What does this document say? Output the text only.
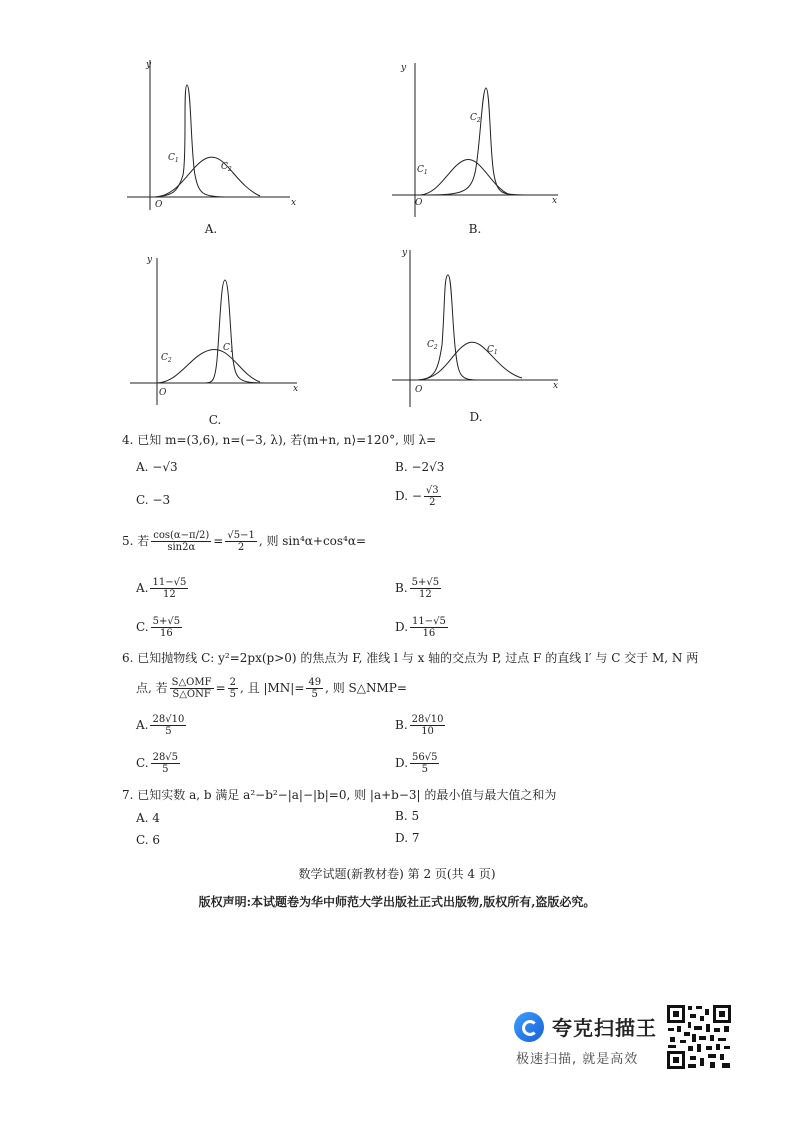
y
x
O
$C_1$
$C_2$
A.
y
x
O
$C_1$
$C_2$
B.
y
x
O
$C_2$
$C_1$
C.
y
x
O
$C_2$	$C_1$
D.
4. 已知 m=(3,6), n=(−3, λ), 若⟨m+n, n⟩=120°, 则 λ=
A. −√3	B. −2√3
C. −3	D. − $\frac{√3}{2}$
5. 若 $\frac{\cos(\alpha-\pi/2)}{\sin 2\alpha} = \frac{√5-1}{2}$ , 则 sin⁴α+cos⁴α=
A. $\frac{11-√5}{12}$	B. $\frac{5+√5}{12}$
C. $\frac{5+√5}{16}$	D. $\frac{11-√5}{16}$
6. 已知抛物线 C: y²=2px(p>0) 的焦点为 F, 准线 l 与 x 轴的交点为 P, 过点 F 的直线 l′ 与 C 交于 M, N 两
点, 若 $\frac{\text{S△OMF}}{\text{S△ONF}} = \frac{2}{5}$ , 且 $|MN|= \frac{49}{5}$ , 则 S△NMP=
A. $\frac{28√10}{5}$	B. $\frac{28√10}{10}$
C. $\frac{28√5}{5}$	D. $\frac{56√5}{5}$
7. 已知实数 a, b 满足 a²−b²−|a|−|b|=0, 则 |a+b−3| 的最小值与最大值之和为
A. 4	B. 5
C. 6	D. 7
数学试题(新教材卷) 第 2 页(共 4 页)
版权声明:本试题卷为华中师范大学出版社正式出版物,版权所有,盗版必究。
夸克扫描王
极速扫描, 就是高效
